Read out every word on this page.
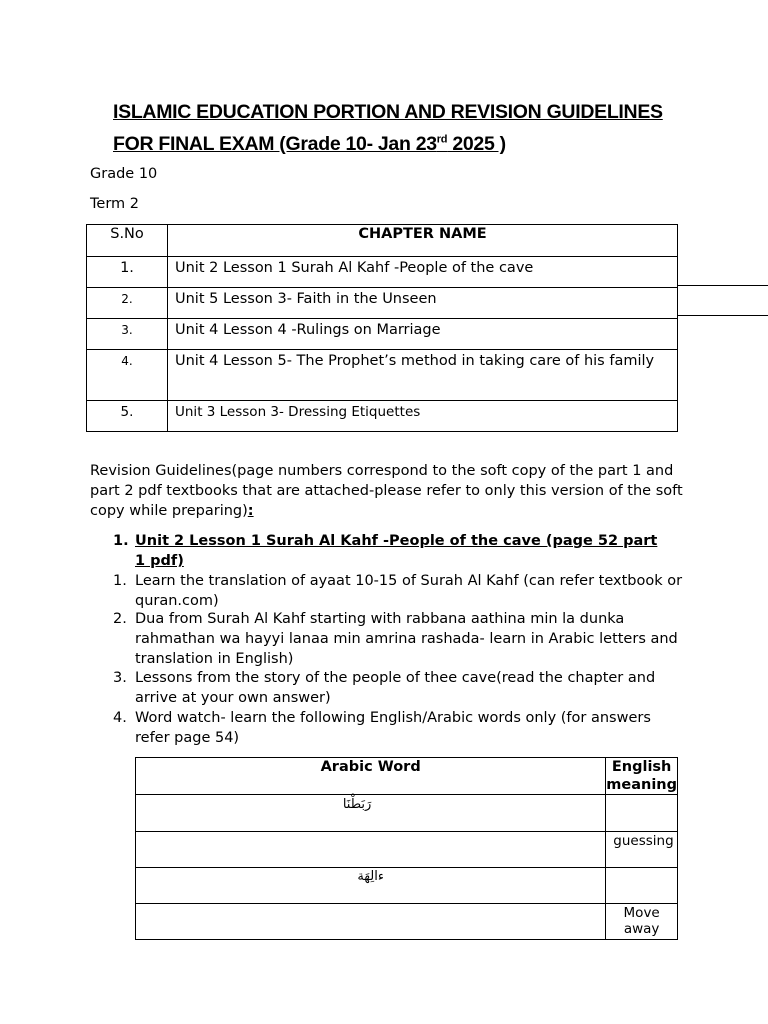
ISLAMIC EDUCATION PORTION AND REVISION GUIDELINES
FOR FINAL EXAM (Grade 10- Jan 23rd 2025 )
Grade 10
Term 2
S.No	CHAPTER NAME
1.	Unit 2 Lesson 1 Surah Al Kahf -People of the cave
2.	Unit 5 Lesson 3- Faith in the Unseen
3.	Unit 4 Lesson 4 -Rulings on Marriage
4.	Unit 4 Lesson 5- The Prophet’s method in taking care of his family
5.	Unit 3 Lesson 3- Dressing Etiquettes
Revision Guidelines(page numbers correspond to the soft copy of the part 1 and part 2 pdf textbooks that are attached-please refer to only this version of the soft copy while preparing):
1. Unit 2 Lesson 1 Surah Al Kahf -People of the cave (page 52 part 1 pdf)
1. Learn the translation of ayaat 10-15 of Surah Al Kahf (can refer textbook or quran.com)
2. Dua from Surah Al Kahf starting with rabbana aathina min la dunka rahmathan wa hayyi lanaa min amrina rashada- learn in Arabic letters and translation in English)
3. Lessons from the story of the people of thee cave(read the chapter and arrive at your own answer)
4. Word watch- learn the following English/Arabic words only (for answers refer page 54)
Arabic Word	English meaning
رَبَطْنَا	
	guessing
ءالِهَة	
	Move away
